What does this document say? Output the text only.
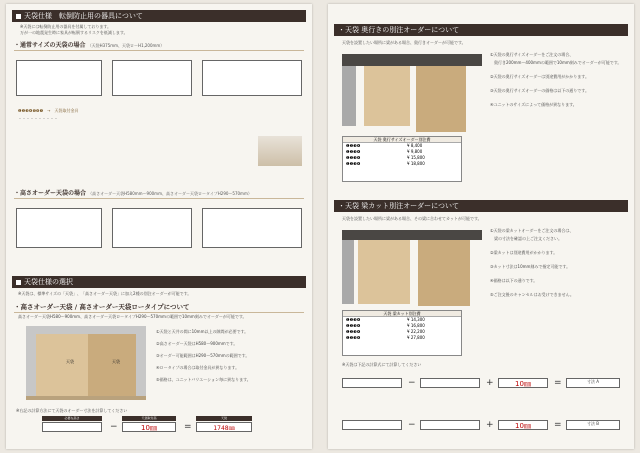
天袋仕様　転倒防止用の器具について
※天袋には転倒防止用の器具を付属しております。
万が一の地震発生時に家具が転倒するリスクを低減します。
・通常サイズの天袋の場合 （天袋H375mm、天袋ローH1,200mm）
❶❷❸❹❺❻❼　→　天袋取付金具
・・・・・・・・・・
・高さオーダー天袋の場合 （高さオーダー天袋H580mm〜900mm、高さオーダー天袋ロータイプH290〜570mm）
天袋仕様の選択
※天袋は、標準サイズの「天袋」、「高さオーダー天袋」に加え2種の別注オーダーが可能です。
・高さオーダー天袋 / 高さオーダー天袋ロータイプについて
高さオーダー天袋H580〜900mm、高さオーダー天袋ロータイプH290〜570mmの範囲で10mm刻みでオーダーが可能です。
天袋	天袋
①天袋と天井の間に10mm以上の隙間が必要です。
②高さオーダー天袋はH580〜900mmです。
③オーダー可能範囲はH290〜570mmの範囲です。
④ロータイプの場合は取付金具が異なります。
⑤価格は、ユニットバリエーション毎に異なります。
※右記の計算方法にて天袋のオーダー寸法を計算してください
必要な高さ
−
天袋取付高
10㎜	=
天袋
1748㎜
・天袋 奥行きの別注オーダーについて
天袋を設置したい場所に梁がある場合、奥行きオーダーが可能です。
①天袋の奥行サイズオーダーをご注文の場合、
奥行き200mm〜400mmの範囲で10mm刻みでオーダーが可能です。
②天袋の奥行サイズオーダーは別途費用がかかります。
③天袋の奥行サイズオーダーの価格は以下の通りです。
④ユニットのサイズによって価格が異なります。
天袋 奥行サイズオーダー別注費
❶❷❸❹	¥ 8,400
❶❷❸❹	¥ 9,800
❶❷❸❹	¥ 15,800
❶❷❸❹	¥ 18,800
・天袋 梁カット別注オーダーについて
天袋を設置したい場所に梁がある場合、その梁に合わせてカットが可能です。
①天袋の梁カットオーダーをご注文の場合は、
梁の寸法を確認の上ご注文ください。
②梁カットは別途費用がかかります。
③カット寸法は10mm刻みで指定可能です。
④価格は以下の通りです。
⑤ご注文後のキャンセルはお受けできません。
天袋 梁カット別注費
❶❷❸❹	¥ 14,300
❶❷❸❹	¥ 16,800
❶❷❸❹	¥ 22,200
❶❷❸❹	¥ 27,800
※天袋は下記の計算式にて計算してください
−	+	10㎜	=	寸法 A
−	+	10㎜	=	寸法 B
